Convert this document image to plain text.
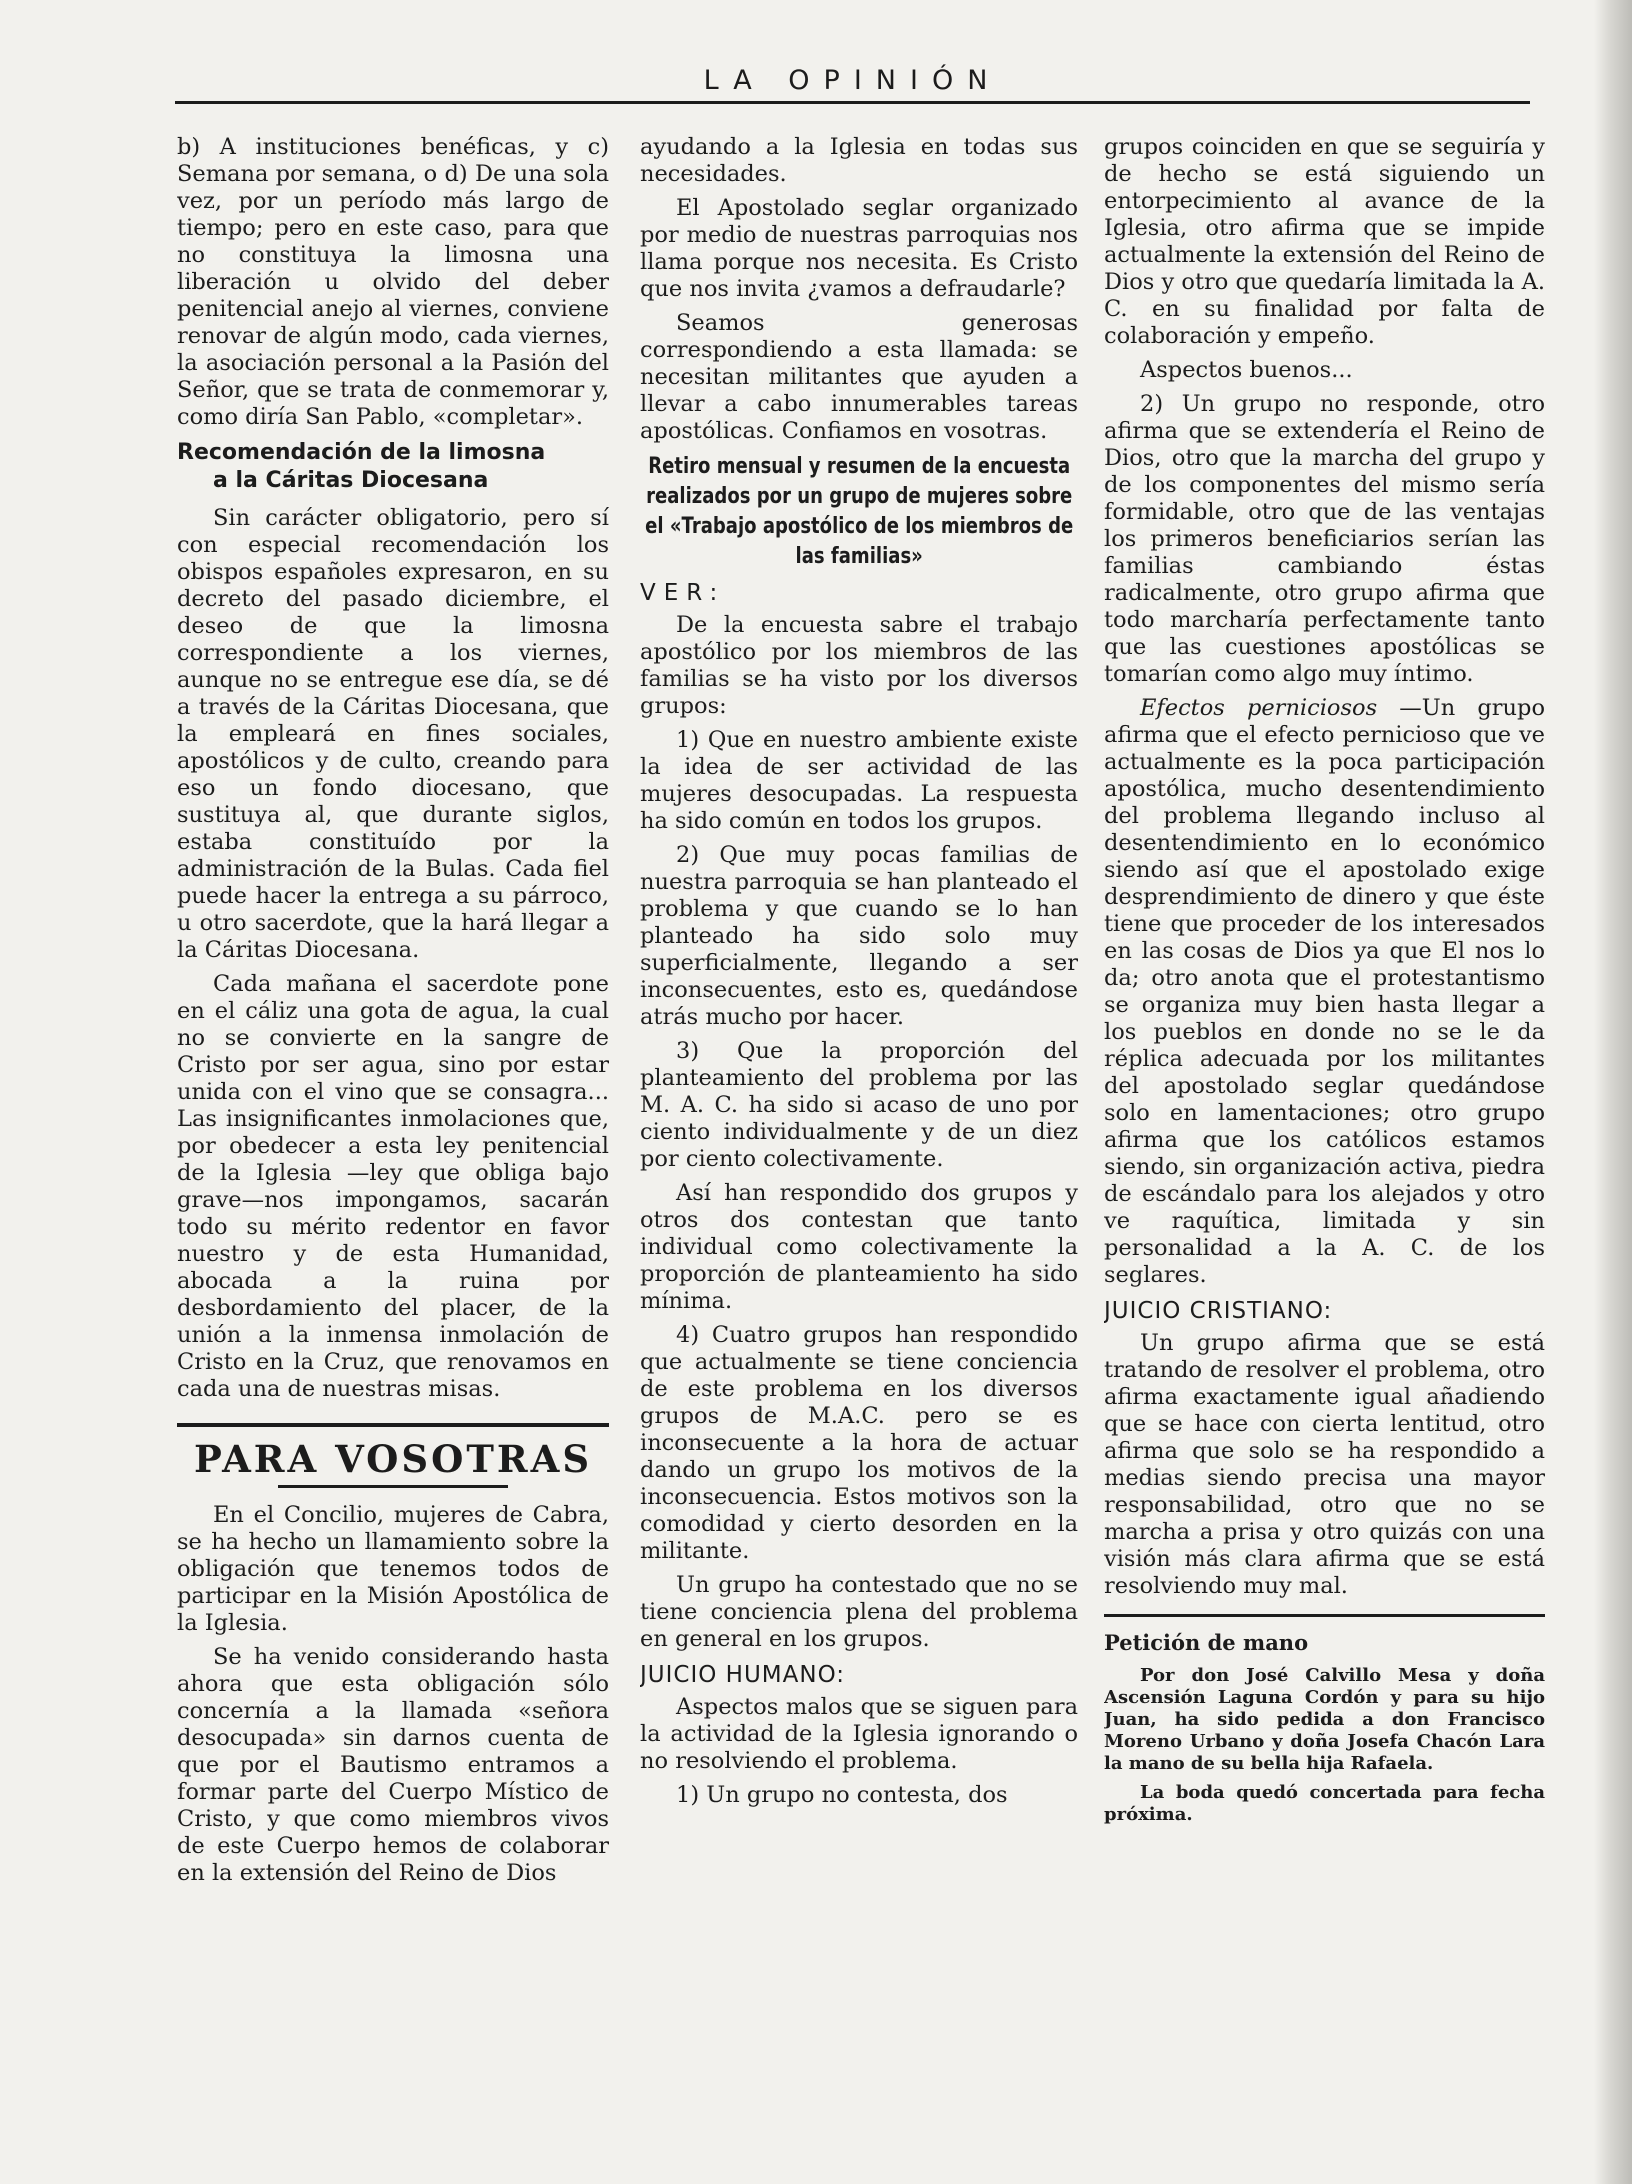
LA OPINIÓN

b) A instituciones benéficas, y c) Semana por semana, o d) De una sola vez, por un período más largo de tiempo; pero en este caso, para que no constituya la limosna una liberación u olvido del deber penitencial anejo al viernes, conviene renovar de algún modo, cada viernes, la asociación personal a la Pasión del Señor, que se trata de conmemorar y, como diría San Pablo, «completar».

Recomendación de la limosna
a la Cáritas Diocesana

Sin carácter obligatorio, pero sí con especial recomendación los obispos españoles expresaron, en su decreto del pasado diciembre, el deseo de que la limosna correspondiente a los viernes, aunque no se entregue ese día, se dé a través de la Cáritas Diocesana, que la empleará en fines sociales, apostólicos y de culto, creando para eso un fondo diocesano, que sustituya al, que durante siglos, estaba constituído por la administración de la Bulas. Cada fiel puede hacer la entrega a su párroco, u otro sacerdote, que la hará llegar a la Cáritas Diocesana.

Cada mañana el sacerdote pone en el cáliz una gota de agua, la cual no se convierte en la sangre de Cristo por ser agua, sino por estar unida con el vino que se consagra... Las insignificantes inmolaciones que, por obedecer a esta ley penitencial de la Iglesia —ley que obliga bajo grave—nos impongamos, sacarán todo su mérito redentor en favor nuestro y de esta Humanidad, abocada a la ruina por desbordamiento del placer, de la unión a la inmensa inmolación de Cristo en la Cruz, que renovamos en cada una de nuestras misas.

PARA VOSOTRAS

En el Concilio, mujeres de Cabra, se ha hecho un llamamiento sobre la obligación que tenemos todos de participar en la Misión Apostólica de la Iglesia.

Se ha venido considerando hasta ahora que esta obligación sólo concernía a la llamada «señora desocupada» sin darnos cuenta de que por el Bautismo entramos a formar parte del Cuerpo Místico de Cristo, y que como miembros vivos de este Cuerpo hemos de colaborar en la extensión del Reino de Dios

ayudando a la Iglesia en todas sus necesidades.

El Apostolado seglar organizado por medio de nuestras parroquias nos llama porque nos necesita. Es Cristo que nos invita ¿vamos a defraudarle?

Seamos generosas correspondiendo a esta llamada: se necesitan militantes que ayuden a llevar a cabo innumerables tareas apostólicas. Confiamos en vosotras.

Retiro mensual y resumen de la encuesta realizados por un grupo de mujeres sobre el «Trabajo apostólico de los miembros de las familias»
VER:

De la encuesta sabre el trabajo apostólico por los miembros de las familias se ha visto por los diversos grupos:

1) Que en nuestro ambiente existe la idea de ser actividad de las mujeres desocupadas. La respuesta ha sido común en todos los grupos.

2) Que muy pocas familias de nuestra parroquia se han planteado el problema y que cuando se lo han planteado ha sido solo muy superficialmente, llegando a ser inconsecuentes, esto es, quedándose atrás mucho por hacer.

3) Que la proporción del planteamiento del problema por las M. A. C. ha sido si acaso de uno por ciento individualmente y de un diez por ciento colectivamente.

Así han respondido dos grupos y otros dos contestan que tanto individual como colectivamente la proporción de planteamiento ha sido mínima.

4) Cuatro grupos han respondido que actualmente se tiene conciencia de este problema en los diversos grupos de M.A.C. pero se es inconsecuente a la hora de actuar dando un grupo los motivos de la inconsecuencia. Estos motivos son la comodidad y cierto desorden en la militante.

Un grupo ha contestado que no se tiene conciencia plena del problema en general en los grupos.

JUICIO HUMANO:

Aspectos malos que se siguen para la actividad de la Iglesia ignorando o no resolviendo el problema.

1) Un grupo no contesta, dos

grupos coinciden en que se seguiría y de hecho se está siguiendo un entorpecimiento al avance de la Iglesia, otro afirma que se impide actualmente la extensión del Reino de Dios y otro que quedaría limitada la A. C. en su finalidad por falta de colaboración y empeño.

Aspectos buenos...

2) Un grupo no responde, otro afirma que se extendería el Reino de Dios, otro que la marcha del grupo y de los componentes del mismo sería formidable, otro que de las ventajas los primeros beneficiarios serían las familias cambiando éstas radicalmente, otro grupo afirma que todo marcharía perfectamente tanto que las cuestiones apostólicas se tomarían como algo muy íntimo.

Efectos perniciosos —Un grupo afirma que el efecto pernicioso que ve actualmente es la poca participación apostólica, mucho desentendimiento del problema llegando incluso al desentendimiento en lo económico siendo así que el apostolado exige desprendimiento de dinero y que éste tiene que proceder de los interesados en las cosas de Dios ya que El nos lo da; otro anota que el protestantismo se organiza muy bien hasta llegar a los pueblos en donde no se le da réplica adecuada por los militantes del apostolado seglar quedándose solo en lamentaciones; otro grupo afirma que los católicos estamos siendo, sin organización activa, piedra de escándalo para los alejados y otro ve raquítica, limitada y sin personalidad a la A. C. de los seglares.

JUICIO CRISTIANO:

Un grupo afirma que se está tratando de resolver el problema, otro afirma exactamente igual añadiendo que se hace con cierta lentitud, otro afirma que solo se ha respondido a medias siendo precisa una mayor responsabilidad, otro que no se marcha a prisa y otro quizás con una visión más clara afirma que se está resolviendo muy mal.

Petición de mano

Por don José Calvillo Mesa y doña Ascensión Laguna Cordón y para su hijo Juan, ha sido pedida a don Francisco Moreno Urbano y doña Josefa Chacón Lara la mano de su bella hija Rafaela.

La boda quedó concertada para fecha próxima.
